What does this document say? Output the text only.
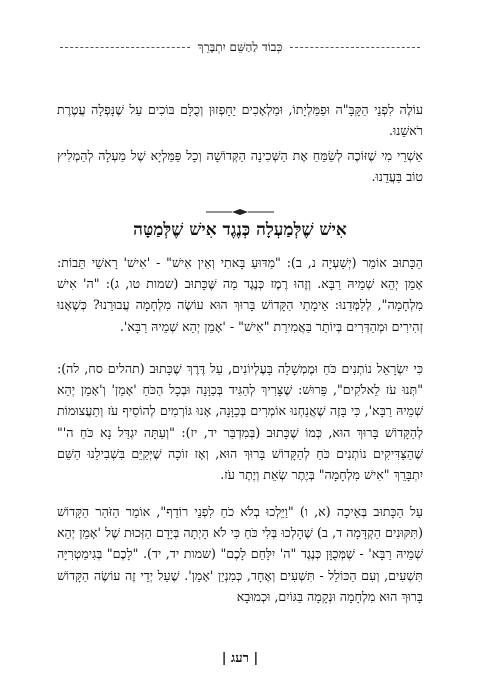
כְּבוֹד לַהַשֵּׁם יִתְבָּרֵךְ

עוֹלֶה לִפְנֵי הַקָּבָּ"ה וּפַמַּלְיָתוֹ, וּמַלְאָכִים יֵחָפְזוּן וְכֻלָּם בּוֹכִים עַל שֶׁנָּפְלָה עֲטֶרֶת רֹאשֵׁנוּ.

אַשְׁרֵי מִי שֶׁזּוֹכֶה לְשַׂמֵּחַ אֶת הַשְּׁכִינָה הַקְּדוֹשָׁה וְכָל פַּמַּלְיָא שֶׁל מַעְלָה לְהַמְלִיץ טוֹב בַּעֲדֵנוּ.

אִישׁ שֶׁלְּמַעְלָה כְּנֶגֶד אִישׁ שֶׁלְּמַטָּה

הַכָּתוּב אוֹמֵר (יְשַׁעְיָה נ, ב): "מַדּוּעַ בָּאתִי וְאֵין אִישׁ" - 'אִישׁ' רָאשֵׁי תֵּבוֹת: אָמֵן יְהֵא שְׁמֵיהּ רַבָּא. וְזֶהוּ רֶמֶז כְּנֶגֶד מַה שֶּׁכָּתוּב (שמות טו, ג): "ה' אִישׁ מִלְחָמָה", לְלַמְּדֵנוּ: אֵימָתַי הַקָּדוֹשׁ בָּרוּךְ הוּא עוֹשֶׂה מִלְחָמָה עֲבוּרֵנוּ? כְּשֶׁאָנוּ זְהִירִים וּמְהַדְּרִים בְּיוֹתֵר בַּאֲמִירַת "אִישׁ" - 'אָמֵן יְהֵא שְׁמֵיהּ רַבָּא'.

כִּי יִשְׂרָאֵל נוֹתְנִים כֹּחַ וּמֶמְשָׁלָה בָּעֶלְיוֹנִים, עַל דֶּרֶךְ שֶׁכָּתוּב (תהלים סח, לה): "תְּנוּ עֹז לֵאלֹקִים", פֵּרוּשׁ: שֶׁצָּרִיךְ לְהַגִּיד בְּכַוָּנָה וּבְכָל הַכֹּחַ 'אָמֵן' וְ'אָמֵן יְהֵא שְׁמֵיהּ רַבָּא', כִּי בָּזֶה שֶׁאֲנַחְנוּ אוֹמְרִים בְּכַוָּנָה, אָנוּ גּוֹרְמִים לְהוֹסִיף עֹז וְתַעֲצוּמוֹת לְהַקָּדוֹשׁ בָּרוּךְ הוּא, כְּמוֹ שֶׁכָּתוּב (בְּמִדְבַּר יד, יז): "וְעַתָּה יִגְדַּל נָא כֹּחַ ה'" שֶׁהַצַּדִּיקִים נוֹתְנִים כֹּחַ לְהַקָּדוֹשׁ בָּרוּךְ הוּא, וְאָז זוֹכָה שֶׁיְּקַיֵּם בִּשְׁבִילֵנוּ הַשֵּׁם יִתְבָּרֵךְ "אִישׁ מִלְחָמָה" בְּיֶתֶר שְׂאֵת וְיֶתֶר עֹז.

עַל הַכָּתוּב בְּאֵיכָה (א, ו) "וַיֵּלְכוּ בְלֹא כֹחַ לִפְנֵי רוֹדֵף", אוֹמֵר הַזֹּהַר הַקָּדוֹשׁ (תִּקּוּנִים הַקְדָּמָה ד, ב) שֶׁהָלְכוּ בְּלִי כֹּחַ כִּי לֹא הָיְתָה בְּיָדָם הַזְּכוּת שֶׁל 'אָמֵן יְהֵא שְׁמֵיהּ רַבָּא' - שֶׁמְּכֻוָּן כְּנֶגֶד "ה' יִלָּחֵם לָכֶם" (שמות יד, יד). "לָכֶם" בְּגִימַטְרִיָּה תִּשְׁעִים, וְעִם הַכּוֹלֵל - תִּשְׁעִים וְאֶחָד, כְּמִנְיַן 'אָמֵן'. שֶׁעַל יְדֵי זֶה עוֹשֶׂה הַקָּדוֹשׁ בָּרוּךְ הוּא מִלְחָמָה וּנְקָמָה בַּגּוֹיִם, וּכְמוּבָא

| רעג |
